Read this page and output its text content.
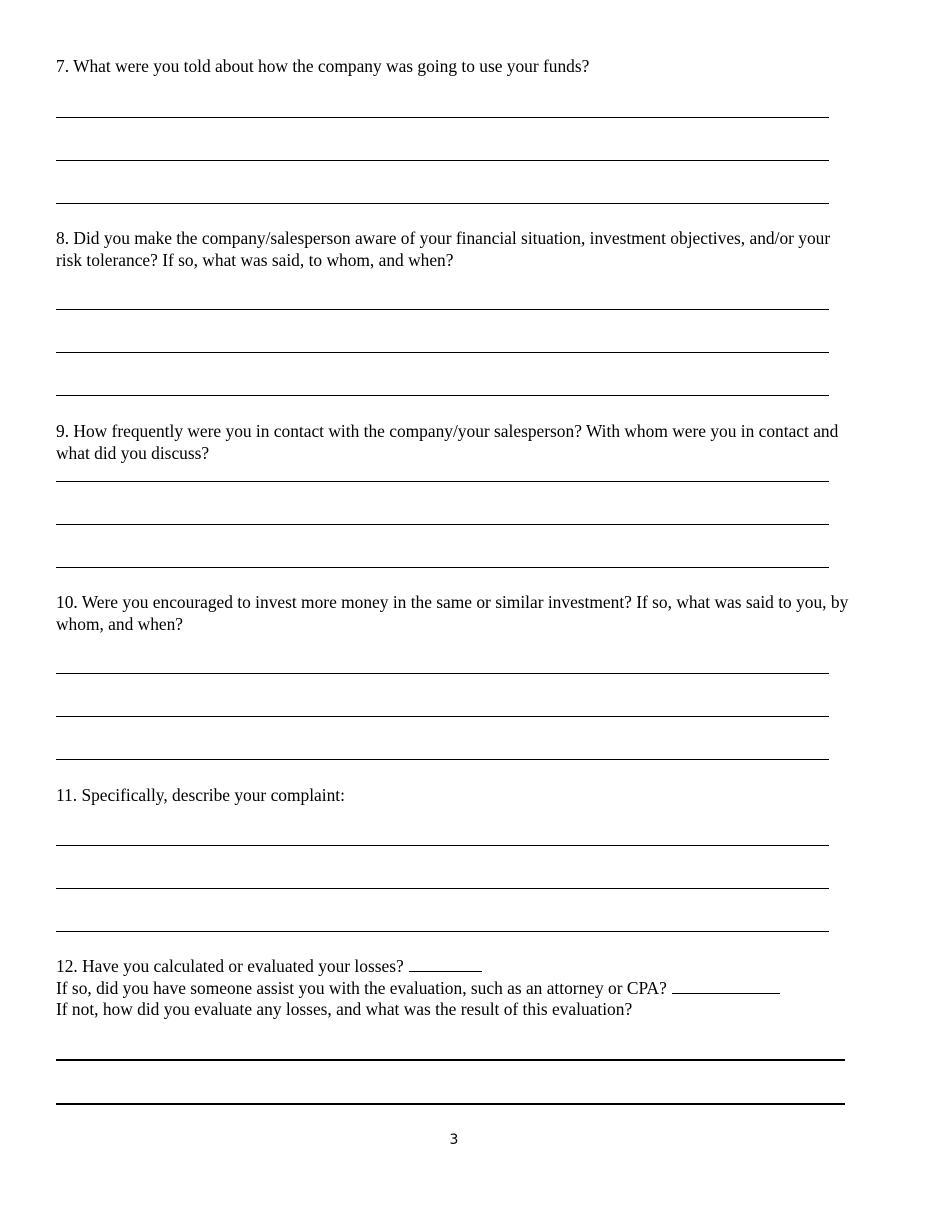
7. What were you told about how the company was going to use your funds?

8. Did you make the company/salesperson aware of your financial situation, investment objectives, and/or your risk tolerance? If so, what was said, to whom, and when?

9. How frequently were you in contact with the company/your salesperson? With whom were you in contact and what did you discuss?

10. Were you encouraged to invest more money in the same or similar investment? If so, what was said to you, by whom, and when?

11. Specifically, describe your complaint:

12. Have you calculated or evaluated your losses?
If so, did you have someone assist you with the evaluation, such as an attorney or CPA?
If not, how did you evaluate any losses, and what was the result of this evaluation?
3
